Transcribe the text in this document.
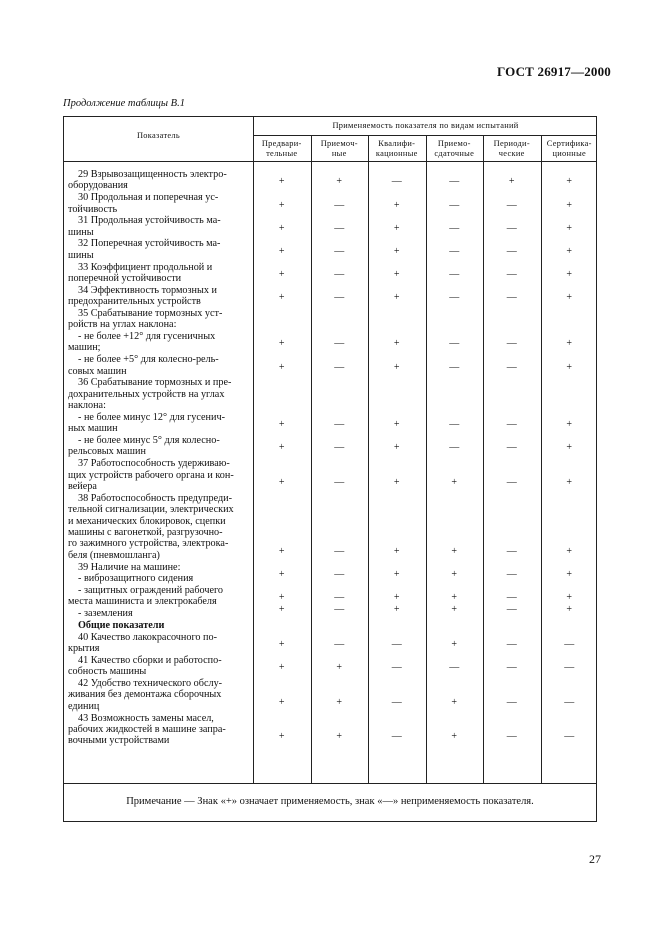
ГОСТ 26917—2000
Продолжение таблицы В.1
Показатель
Применяемость показателя по видам испытаний
Предвари-
тельные
Приемоч-
ные
Квалифи-
кационные
Приемо-
сдаточные
Периоди-
ческие
Сертифика-
ционные
29 Взрывозащищенность электро-
оборудования	+	+	—	—	+	+
30 Продольная и поперечная ус-
тойчивость	+	—	+	—	—	+
31 Продольная устойчивость ма-
шины	+	—	+	—	—	+
32 Поперечная устойчивость ма-
шины	+	—	+	—	—	+
33 Коэффициент продольной и
поперечной устойчивости	+	—	+	—	—	+
34 Эффективность тормозных и
предохранительных устройств	+	—	+	—	—	+
35 Срабатывание тормозных уст-
ройств на углах наклона:
- не более +12° для гусеничных
машин;	+	—	+	—	—	+
- не более +5° для колесно-рель-
совых машин	+	—	+	—	—	+
36 Срабатывание тормозных и пре-
дохранительных устройств на углах
наклона:
- не более минус 12° для гусенич-
ных машин	+	—	+	—	—	+
- не более минус 5° для колесно-
рельсовых машин	+	—	+	—	—	+
37 Работоспособность удерживаю-
щих устройств рабочего органа и кон-
вейера	+	—	+	+	—	+
38 Работоспособность предупреди-
тельной сигнализации, электрических
и механических блокировок, сцепки
машины с вагонеткой, разгрузочно-
го зажимного устройства, электрока-
беля (пневмошланга)	+	—	+	+	—	+
39 Наличие на машине:
- виброзащитного сидения	+	—	+	+	—	+
- защитных ограждений рабочего
места машиниста и электрокабеля	+	—	+	+	—	+
- заземления	+	—	+	+	—	+
Общие показатели
40 Качество лакокрасочного по-
крытия	+	—	—	+	—	—
41 Качество сборки и работоспо-
собность машины	+	+	—	—	—	—
42 Удобство технического обслу-
живания без демонтажа сборочных
единиц	+	+	—	+	—	—
43 Возможность замены масел,
рабочих жидкостей в машине запра-
вочными устройствами	+	+	—	+	—	—
Примечание — Знак «+» означает применяемость, знак «—» неприменяемость показателя.
27
